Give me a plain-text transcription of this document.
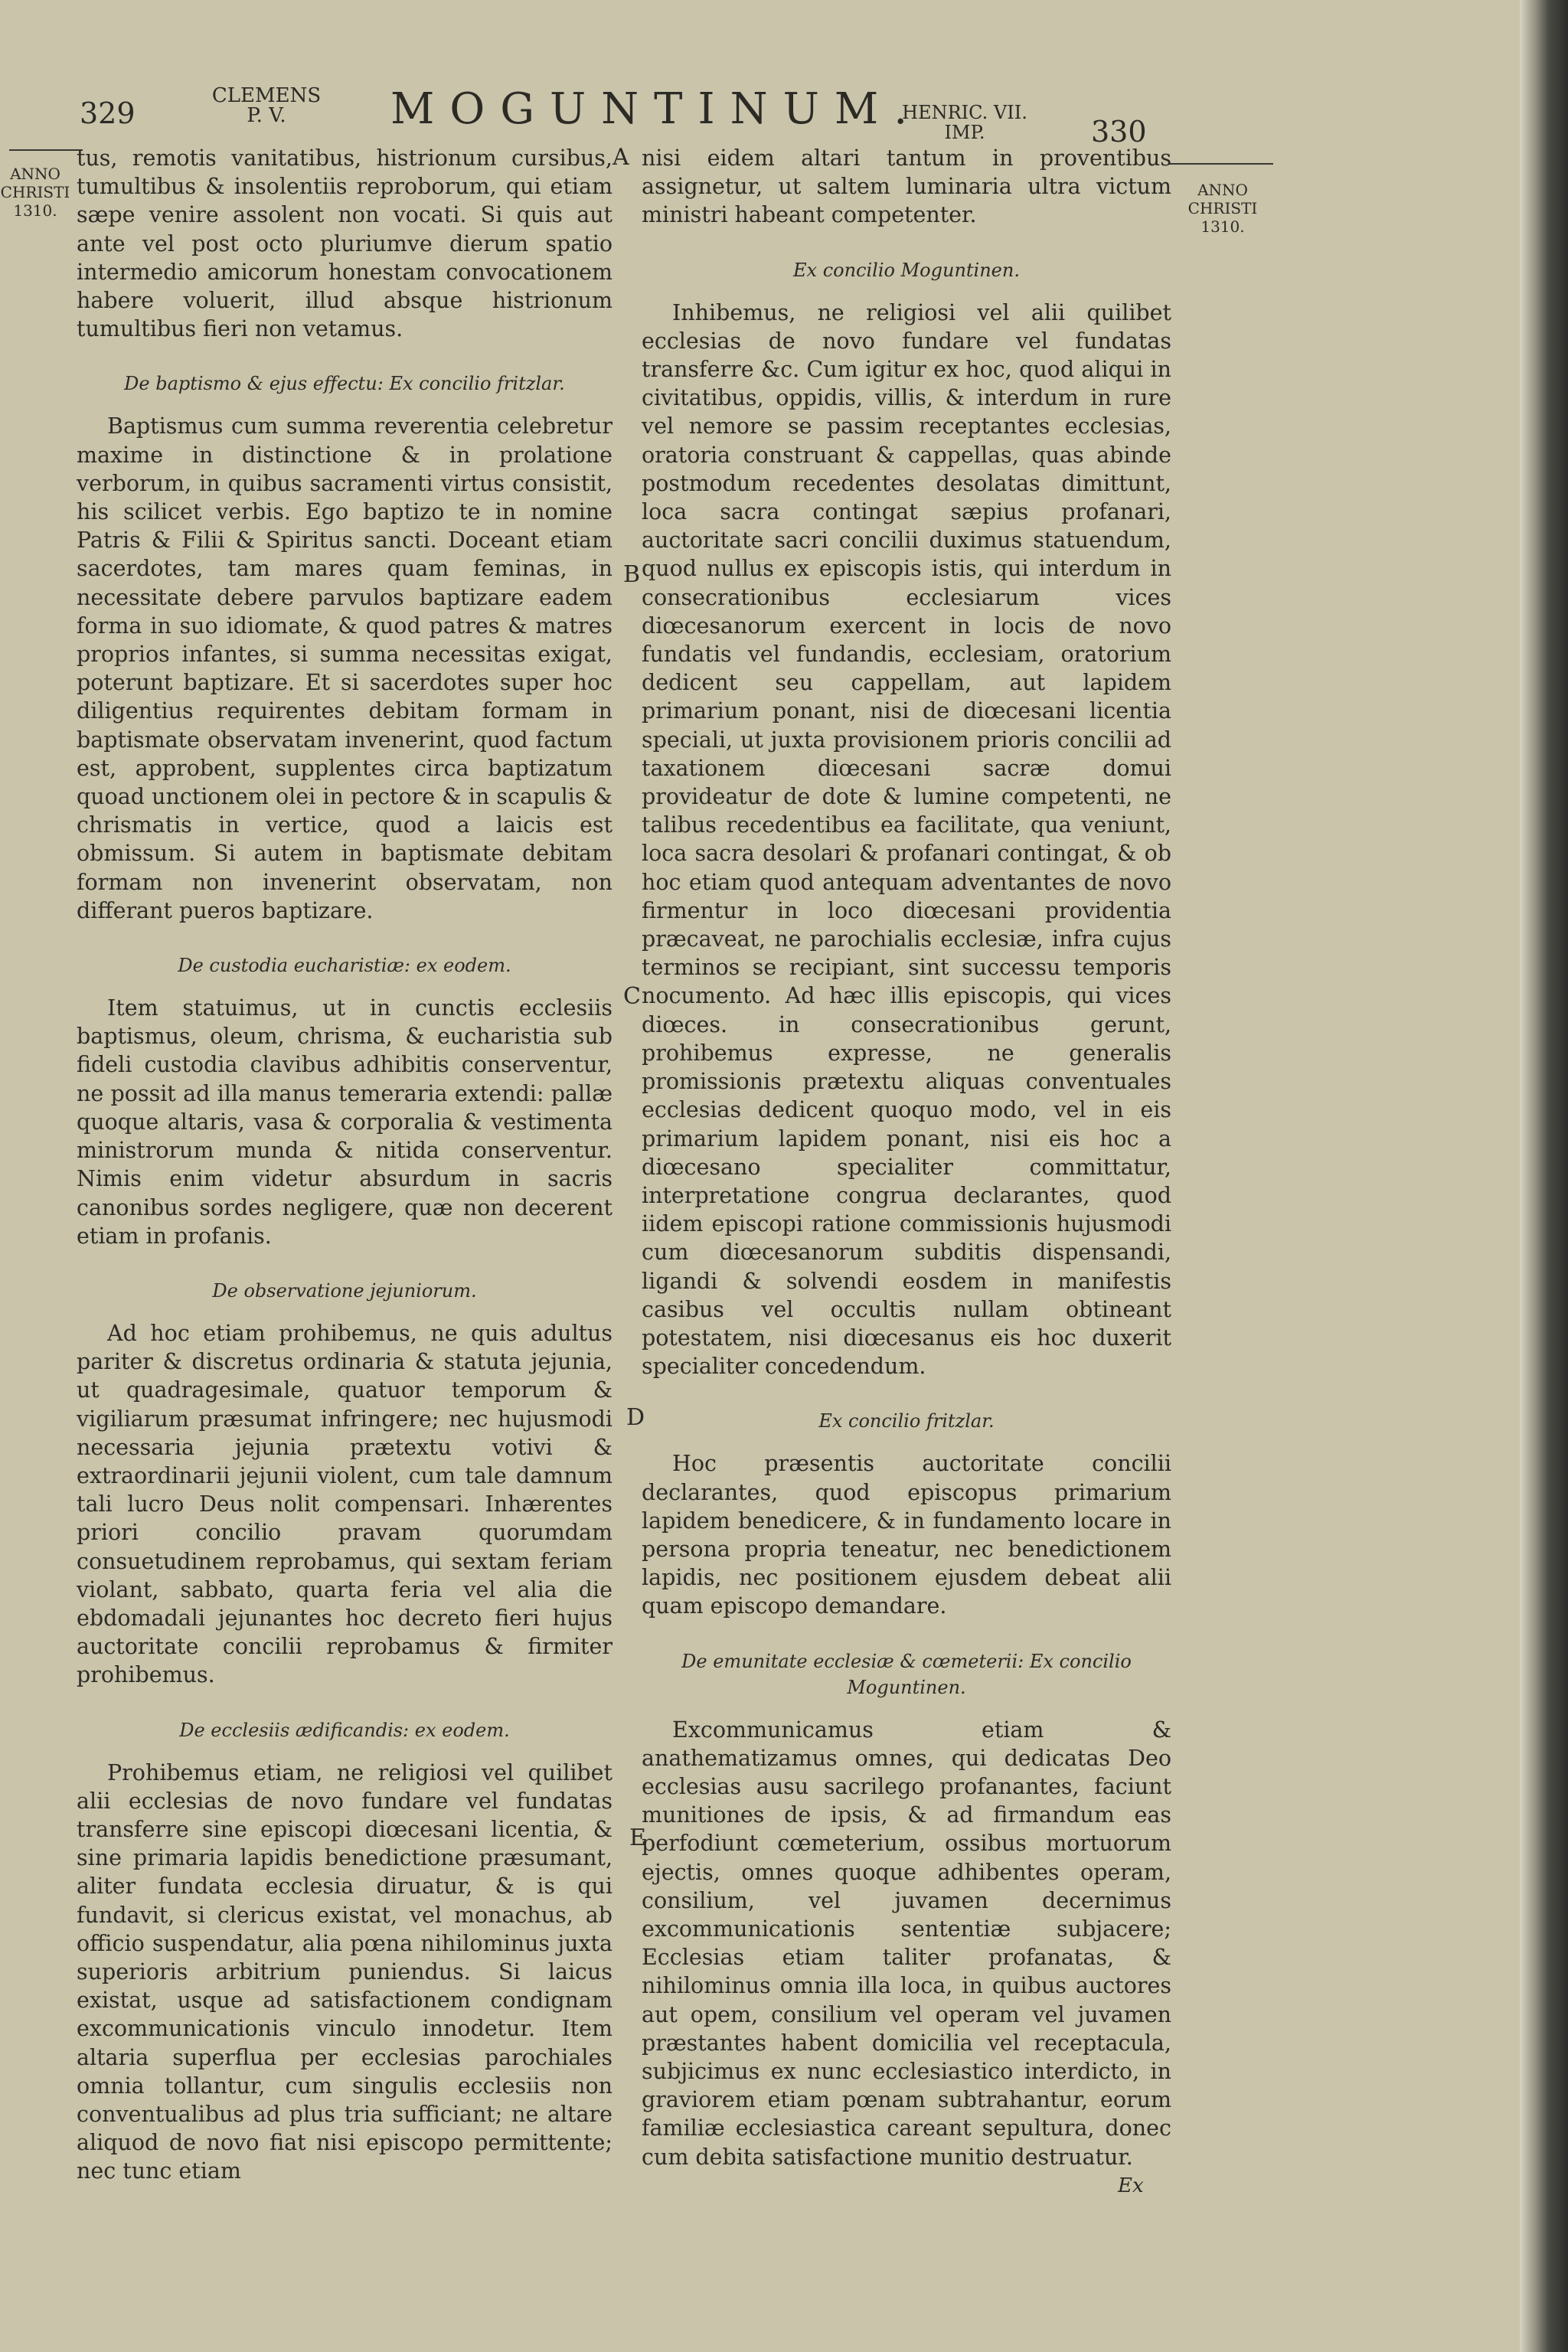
329
CLEMENS
P. V.	MOGUNTINUM.
HENRIC. VII.
IMP.	330
ANNO
CHRISTI
1310.
ANNO
CHRISTI
1310.
A
B
C
D
E

tus, remotis vanitatibus, histrionum cursibus, tumultibus & insolentiis reproborum, qui etiam sæpe venire assolent non vocati. Si quis aut ante vel post octo pluriumve dierum spatio intermedio amicorum honestam convocationem habere voluerit, illud absque histrionum tumultibus fieri non vetamus.

De baptismo & ejus effectu: Ex concilio fritzlar.

Baptismus cum summa reverentia celebretur maxime in distinctione & in prolatione verborum, in quibus sacramenti virtus consistit, his scilicet verbis. Ego baptizo te in nomine Patris & Filii & Spiritus sancti. Doceant etiam sacerdotes, tam mares quam feminas, in necessitate debere parvulos baptizare eadem forma in suo idiomate, & quod patres & matres proprios infantes, si summa necessitas exigat, poterunt baptizare. Et si sacerdotes super hoc diligentius requirentes debitam formam in baptismate observatam invenerint, quod factum est, approbent, supplentes circa baptizatum quoad unctionem olei in pectore & in scapulis & chrismatis in vertice, quod a laicis est obmissum. Si autem in baptismate debitam formam non invenerint observatam, non differant pueros baptizare.

De custodia eucharistiæ: ex eodem.

Item statuimus, ut in cunctis ecclesiis baptismus, oleum, chrisma, & eucharistia sub fideli custodia clavibus adhibitis conserventur, ne possit ad illa manus temeraria extendi: pallæ quoque altaris, vasa & corporalia & vestimenta ministrorum munda & nitida conserventur. Nimis enim videtur absurdum in sacris canonibus sordes negligere, quæ non decerent etiam in profanis.

De observatione jejuniorum.

Ad hoc etiam prohibemus, ne quis adultus pariter & discretus ordinaria & statuta jejunia, ut quadragesimale, quatuor temporum & vigiliarum præsumat infringere; nec hujusmodi necessaria jejunia prætextu votivi & extraordinarii jejunii violent, cum tale damnum tali lucro Deus nolit compensari. Inhærentes priori concilio pravam quorumdam consuetudinem reprobamus, qui sextam feriam violant, sabbato, quarta feria vel alia die ebdomadali jejunantes hoc decreto fieri hujus auctoritate concilii reprobamus & firmiter prohibemus.

De ecclesiis ædificandis: ex eodem.

Prohibemus etiam, ne religiosi vel quilibet alii ecclesias de novo fundare vel fundatas transferre sine episcopi diœcesani licentia, & sine primaria lapidis benedictione præsumant, aliter fundata ecclesia diruatur, & is qui fundavit, si clericus existat, vel monachus, ab officio suspendatur, alia pœna nihilominus juxta superioris arbitrium puniendus. Si laicus existat, usque ad satisfactionem condignam excommunicationis vinculo innodetur. Item altaria superflua per ecclesias parochiales omnia tollantur, cum singulis ecclesiis non conventualibus ad plus tria sufficiant; ne altare aliquod de novo fiat nisi episcopo permittente; nec tunc etiam

nisi eidem altari tantum in proventibus assignetur, ut saltem luminaria ultra victum ministri habeant competenter.

Ex concilio Moguntinen.

Inhibemus, ne religiosi vel alii quilibet ecclesias de novo fundare vel fundatas transferre &c. Cum igitur ex hoc, quod aliqui in civitatibus, oppidis, villis, & interdum in rure vel nemore se passim receptantes ecclesias, oratoria construant & cappellas, quas abinde postmodum recedentes desolatas dimittunt, loca sacra contingat sæpius profanari, auctoritate sacri concilii duximus statuendum, quod nullus ex episcopis istis, qui interdum in consecrationibus ecclesiarum vices diœcesanorum exercent in locis de novo fundatis vel fundandis, ecclesiam, oratorium dedicent seu cappellam, aut lapidem primarium ponant, nisi de diœcesani licentia speciali, ut juxta provisionem prioris concilii ad taxationem diœcesani sacræ domui provideatur de dote & lumine competenti, ne talibus recedentibus ea facilitate, qua veniunt, loca sacra desolari & profanari contingat, & ob hoc etiam quod antequam adventantes de novo firmentur in loco diœcesani providentia præcaveat, ne parochialis ecclesiæ, infra cujus terminos se recipiant, sint successu temporis nocumento. Ad hæc illis episcopis, qui vices diœces. in consecrationibus gerunt, prohibemus expresse, ne generalis promissionis prætextu aliquas conventuales ecclesias dedicent quoquo modo, vel in eis primarium lapidem ponant, nisi eis hoc a diœcesano specialiter committatur, interpretatione congrua declarantes, quod iidem episcopi ratione commissionis hujusmodi cum diœcesanorum subditis dispensandi, ligandi & solvendi eosdem in manifestis casibus vel occultis nullam obtineant potestatem, nisi diœcesanus eis hoc duxerit specialiter concedendum.

Ex concilio fritzlar.

Hoc præsentis auctoritate concilii declarantes, quod episcopus primarium lapidem benedicere, & in fundamento locare in persona propria teneatur, nec benedictionem lapidis, nec positionem ejusdem debeat alii quam episcopo demandare.

De emunitate ecclesiæ & cœmeterii: Ex concilio Moguntinen.

Excommunicamus etiam & anathematizamus omnes, qui dedicatas Deo ecclesias ausu sacrilego profanantes, faciunt munitiones de ipsis, & ad firmandum eas perfodiunt cœmeterium, ossibus mortuorum ejectis, omnes quoque adhibentes operam, consilium, vel juvamen decernimus excommunicationis sententiæ subjacere; Ecclesias etiam taliter profanatas, & nihilominus omnia illa loca, in quibus auctores aut opem, consilium vel operam vel juvamen præstantes habent domicilia vel receptacula, subjicimus ex nunc ecclesiastico interdicto, in graviorem etiam pœnam subtrahantur, eorum familiæ ecclesiastica careant sepultura, donec cum debita satisfactione munitio destruatur.

Ex
